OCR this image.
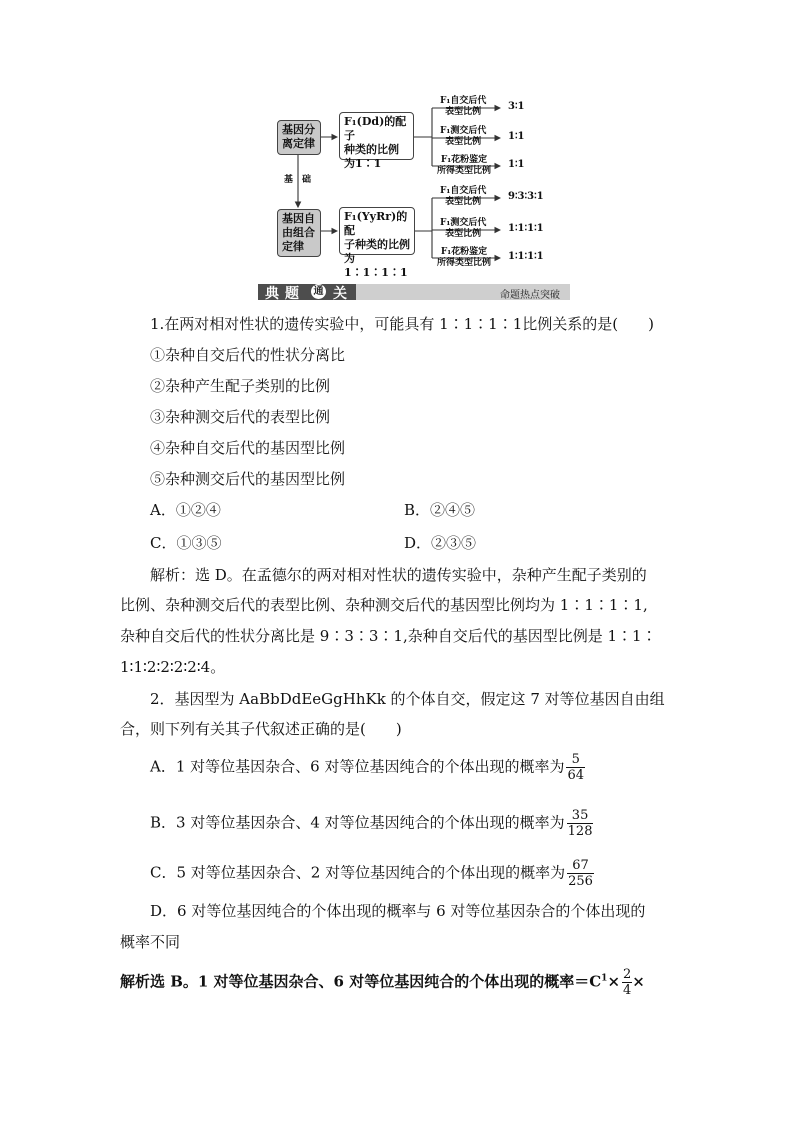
基因分
离定律
基因自
由组合
定律
基　础
F₁(Dd)的配子
种类的比例
为1∶1
F₁(YyRr)的配
子种类的比例
为1∶1∶1∶1
F₁自交后代
表型比例
F₁测交后代
表型比例
F₁花粉鉴定
所得类型比例
3∶1
1∶1
1∶1
F₁自交后代
表型比例
F₁测交后代
表型比例
F₁花粉鉴定
所得类型比例
9∶3∶3∶1
1∶1∶1∶1
1∶1∶1∶1
典题 通 关	命题热点突破
1.在两对相对性状的遗传实验中，可能具有 1∶1∶1∶1比例关系的是(　　)
①杂种自交后代的性状分离比
②杂种产生配子类别的比例
③杂种测交后代的表型比例
④杂种自交后代的基因型比例
⑤杂种测交后代的基因型比例
A．①②④	B．②④⑤
C．①③⑤	D．②③⑤
解析：选 D。在孟德尔的两对相对性状的遗传实验中，杂种产生配子类别的
比例、杂种测交后代的表型比例、杂种测交后代的基因型比例均为 1∶1∶1∶1,
杂种自交后代的性状分离比是 9∶3∶3∶1,杂种自交后代的基因型比例是 1∶1∶
1∶1∶2∶2∶2∶2∶4。
2．基因型为 AaBbDdEeGgHhKk 的个体自交，假定这 7 对等位基因自由组
合，则下列有关其子代叙述正确的是(　　)
A．1 对等位基因杂合、6 对等位基因纯合的个体出现的概率为 $\frac{5}{64}$
B．3 对等位基因杂合、4 对等位基因纯合的个体出现的概率为 $\frac{35}{128}$
C．5 对等位基因杂合、2 对等位基因纯合的个体出现的概率为 $\frac{67}{256}$
D．6 对等位基因纯合的个体出现的概率与 6 对等位基因杂合的个体出现的
概率不同
解析选 B。1 对等位基因杂合、6 对等位基因纯合的个体出现的概率$=C^1\times \frac{2}{4}$ ×
